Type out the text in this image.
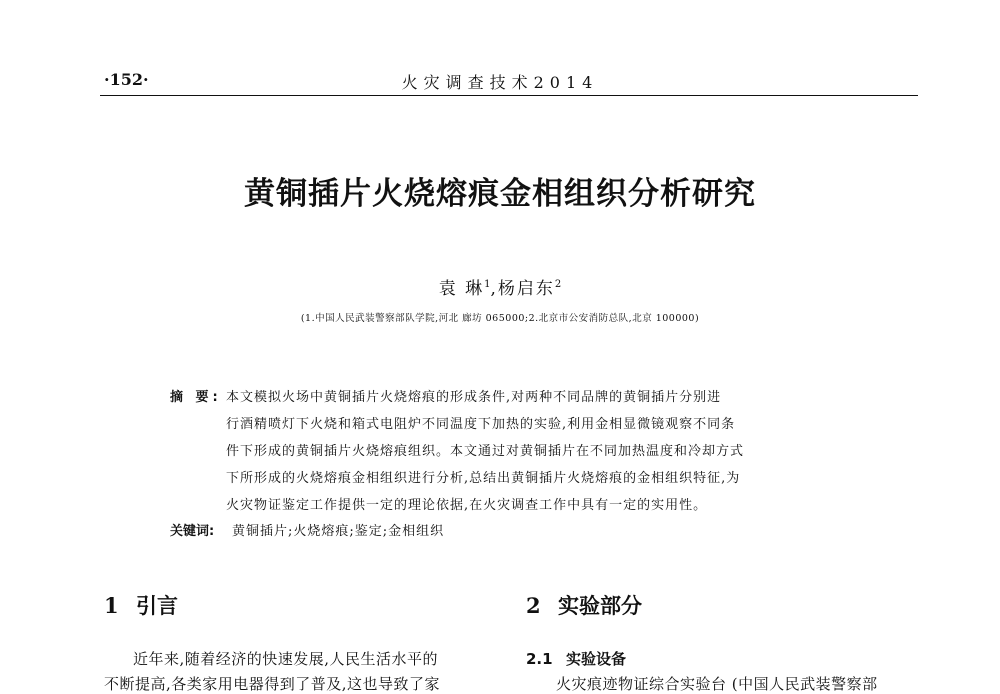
·152·	火灾调查技术2014
黄铜插片火烧熔痕金相组织分析研究
袁 琳$^1$,杨启东$^2$
(1.中国人民武装警察部队学院,河北 廊坊 065000;2.北京市公安消防总队,北京 100000)
摘 要: 本文模拟火场中黄铜插片火烧熔痕的形成条件,对两种不同品牌的黄铜插片分别进
行酒精喷灯下火烧和箱式电阻炉不同温度下加热的实验,利用金相显微镜观察不同条
件下形成的黄铜插片火烧熔痕组织。本文通过对黄铜插片在不同加热温度和冷却方式
下所形成的火烧熔痕金相组织进行分析,总结出黄铜插片火烧熔痕的金相组织特征,为
火灾物证鉴定工作提供一定的理论依据,在火灾调查工作中具有一定的实用性。
关键词: 黄铜插片;火烧熔痕;鉴定;金相组织
1 引言
近年来,随着经济的快速发展,人民生活水平的
不断提高,各类家用电器得到了普及,这也导致了家
2 实验部分
2.1 实验设备
火灾痕迹物证综合实验台 (中国人民武装警察部
